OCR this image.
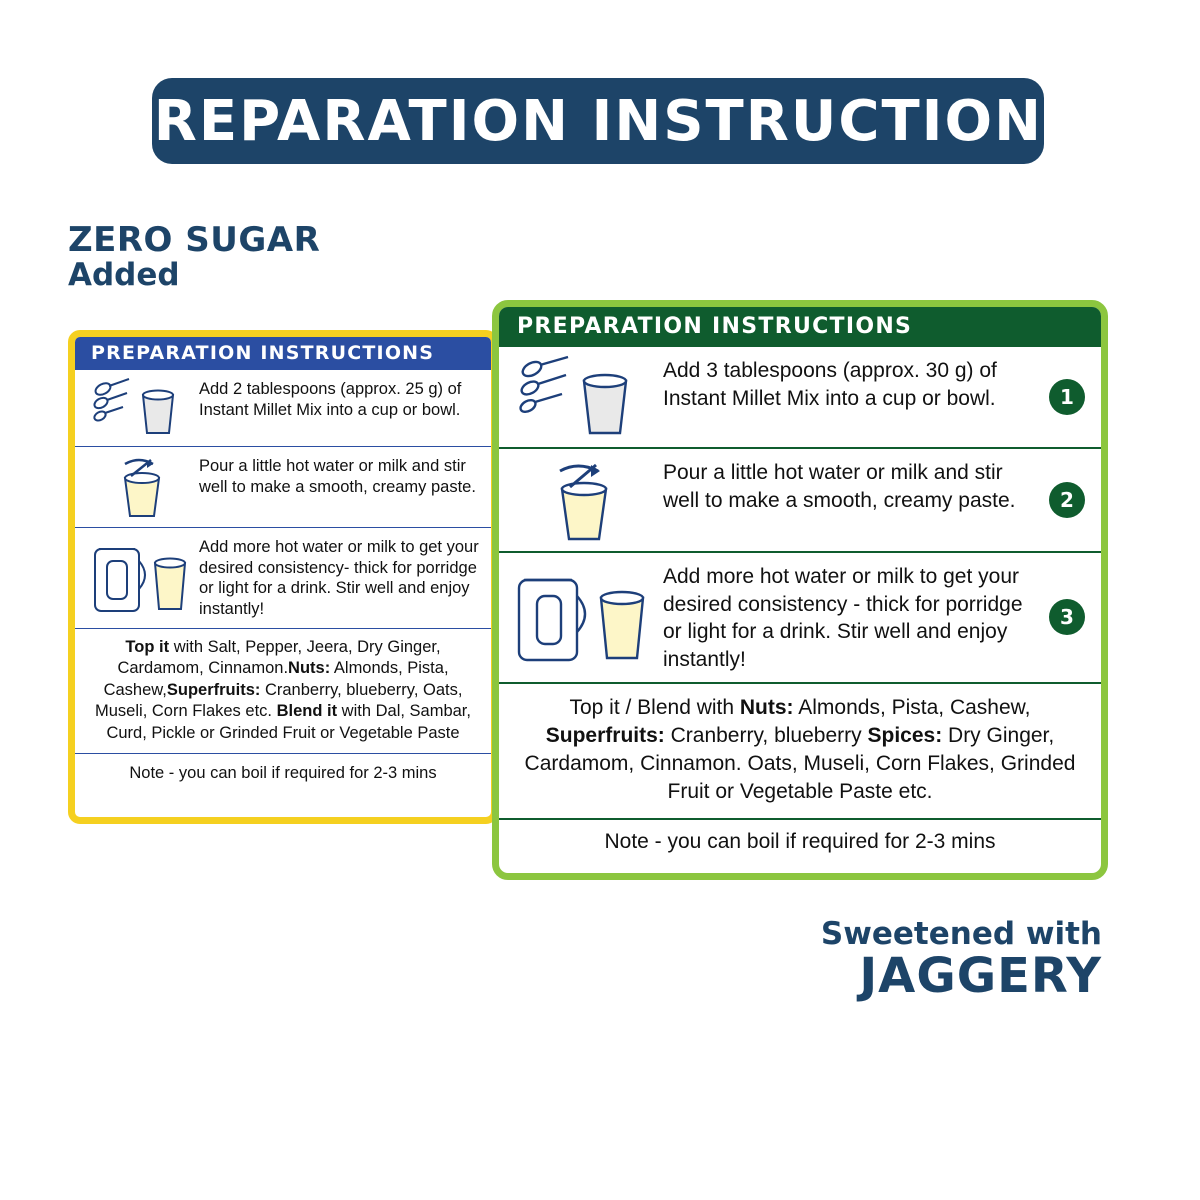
PREPARATION INSTRUCTIONS
ZERO SUGAR
Added
PREPARATION INSTRUCTIONS
Add 2 tablespoons (approx. 25 g) of Instant Millet Mix into a cup or bowl.
Pour a little hot water or milk and stir well to make a smooth, creamy paste.
Add more hot water or milk to get your desired consistency- thick for porridge or light for a drink. Stir well and enjoy instantly!
Top it with Salt, Pepper, Jeera, Dry Ginger, Cardamom, Cinnamon.Nuts: Almonds, Pista, Cashew,Superfruits: Cranberry, blueberry, Oats, Museli, Corn Flakes etc. Blend it with Dal, Sambar, Curd, Pickle or Grinded Fruit or Vegetable Paste
Note - you can boil if required for 2-3 mins
PREPARATION INSTRUCTIONS
Add 3 tablespoons (approx. 30 g) of Instant Millet Mix into a cup or bowl.	1
Pour a little hot water or milk and stir well to make a smooth, creamy paste.	2
Add more hot water or milk to get your desired consistency - thick for porridge or light for a drink. Stir well and enjoy instantly!
3
Top it / Blend with Nuts: Almonds, Pista, Cashew, Superfruits: Cranberry, blueberry Spices: Dry Ginger, Cardamom, Cinnamon. Oats, Museli, Corn Flakes, Grinded Fruit or Vegetable Paste etc.
Note - you can boil if required for 2-3 mins
Sweetened with
JAGGERY
